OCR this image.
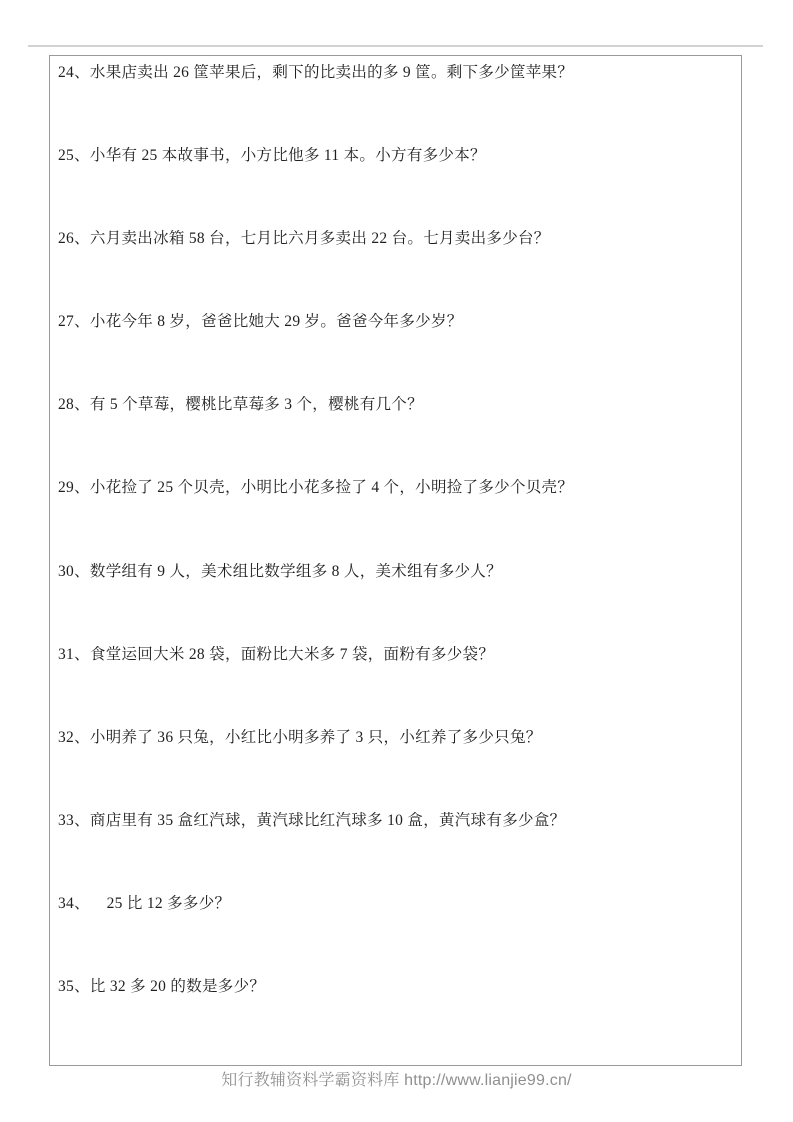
24、水果店卖出 26 筐苹果后，剩下的比卖出的多 9 筐。剩下多少筐苹果？
25、小华有 25 本故事书，小方比他多 11 本。小方有多少本？
26、六月卖出冰箱 58 台，七月比六月多卖出 22 台。七月卖出多少台？
27、小花今年 8 岁，爸爸比她大 29 岁。爸爸今年多少岁？
28、有 5 个草莓，樱桃比草莓多 3 个，樱桃有几个？
29、小花捡了 25 个贝壳，小明比小花多捡了 4 个，小明捡了多少个贝壳？
30、数学组有 9 人，美术组比数学组多 8 人，美术组有多少人？
31、食堂运回大米 28 袋，面粉比大米多 7 袋，面粉有多少袋？
32、小明养了 36 只兔，小红比小明多养了 3 只，小红养了多少只兔？
33、商店里有 35 盒红汽球，黄汽球比红汽球多 10 盒，黄汽球有多少盒？
34、    25 比 12 多多少？
35、比 32 多 20 的数是多少？
知行教辅资料学霸资料库 http://www.lianjie99.cn/
